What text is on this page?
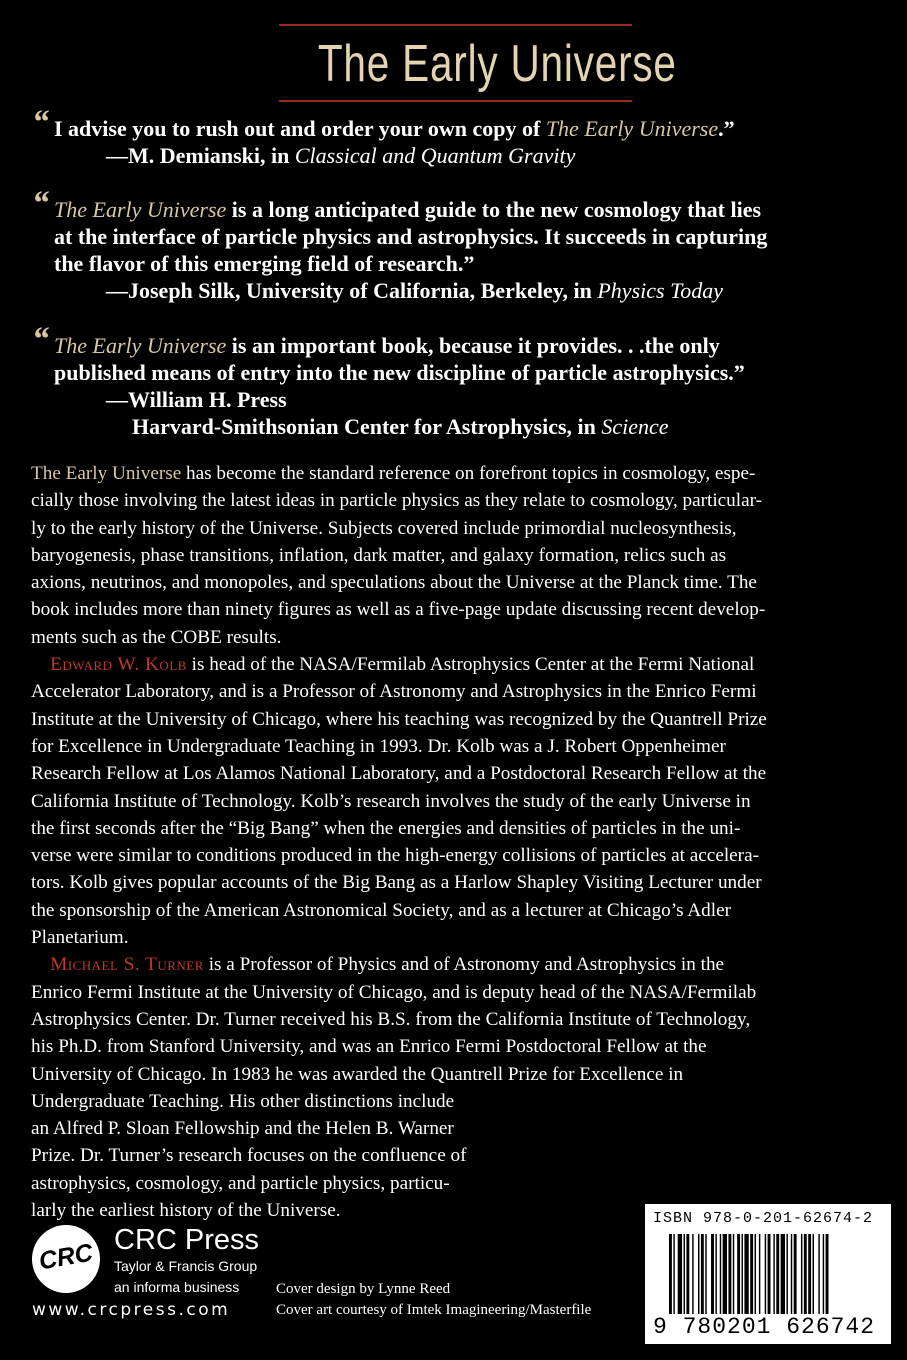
The Early Universe
“ I advise you to rush out and order your own copy of The Early Universe.”
—M. Demianski, in Classical and Quantum Gravity
“ The Early Universe is a long anticipated guide to the new cosmology that lies
at the interface of particle physics and astrophysics. It succeeds in capturing
the flavor of this emerging field of research.”
—Joseph Silk, University of California, Berkeley, in Physics Today
“ The Early Universe is an important book, because it provides. . .the only
published means of entry into the new discipline of particle astrophysics.”
—William H. Press
Harvard-Smithsonian Center for Astrophysics, in Science
The Early Universe has become the standard reference on forefront topics in cosmology, espe-
cially those involving the latest ideas in particle physics as they relate to cosmology, particular-
ly to the early history of the Universe. Subjects covered include primordial nucleosynthesis,
baryogenesis, phase transitions, inflation, dark matter, and galaxy formation, relics such as
axions, neutrinos, and monopoles, and speculations about the Universe at the Planck time. The
book includes more than ninety figures as well as a five-page update discussing recent develop-
ments such as the COBE results.
Edward W. Kolb is head of the NASA/Fermilab Astrophysics Center at the Fermi National
Accelerator Laboratory, and is a Professor of Astronomy and Astrophysics in the Enrico Fermi
Institute at the University of Chicago, where his teaching was recognized by the Quantrell Prize
for Excellence in Undergraduate Teaching in 1993. Dr. Kolb was a J. Robert Oppenheimer
Research Fellow at Los Alamos National Laboratory, and a Postdoctoral Research Fellow at the
California Institute of Technology. Kolb’s research involves the study of the early Universe in
the first seconds after the “Big Bang” when the energies and densities of particles in the uni-
verse were similar to conditions produced in the high-energy collisions of particles at accelera-
tors. Kolb gives popular accounts of the Big Bang as a Harlow Shapley Visiting Lecturer under
the sponsorship of the American Astronomical Society, and as a lecturer at Chicago’s Adler
Planetarium.
Michael S. Turner is a Professor of Physics and of Astronomy and Astrophysics in the
Enrico Fermi Institute at the University of Chicago, and is deputy head of the NASA/Fermilab
Astrophysics Center. Dr. Turner received his B.S. from the California Institute of Technology,
his Ph.D. from Stanford University, and was an Enrico Fermi Postdoctoral Fellow at the
University of Chicago. In 1983 he was awarded the Quantrell Prize for Excellence in
Undergraduate Teaching. His other distinctions include
an Alfred P. Sloan Fellowship and the Helen B. Warner
Prize. Dr. Turner’s research focuses on the confluence of
astrophysics, cosmology, and particle physics, particu-
larly the earliest history of the Universe.
CRC CRC Press
Taylor & Francis Group
an informa business
www.crcpress.com
Cover design by Lynne Reed
Cover art courtesy of Imtek Imagineering/Masterfile
ISBN 978-0-201-62674-2
9 780201 626742
